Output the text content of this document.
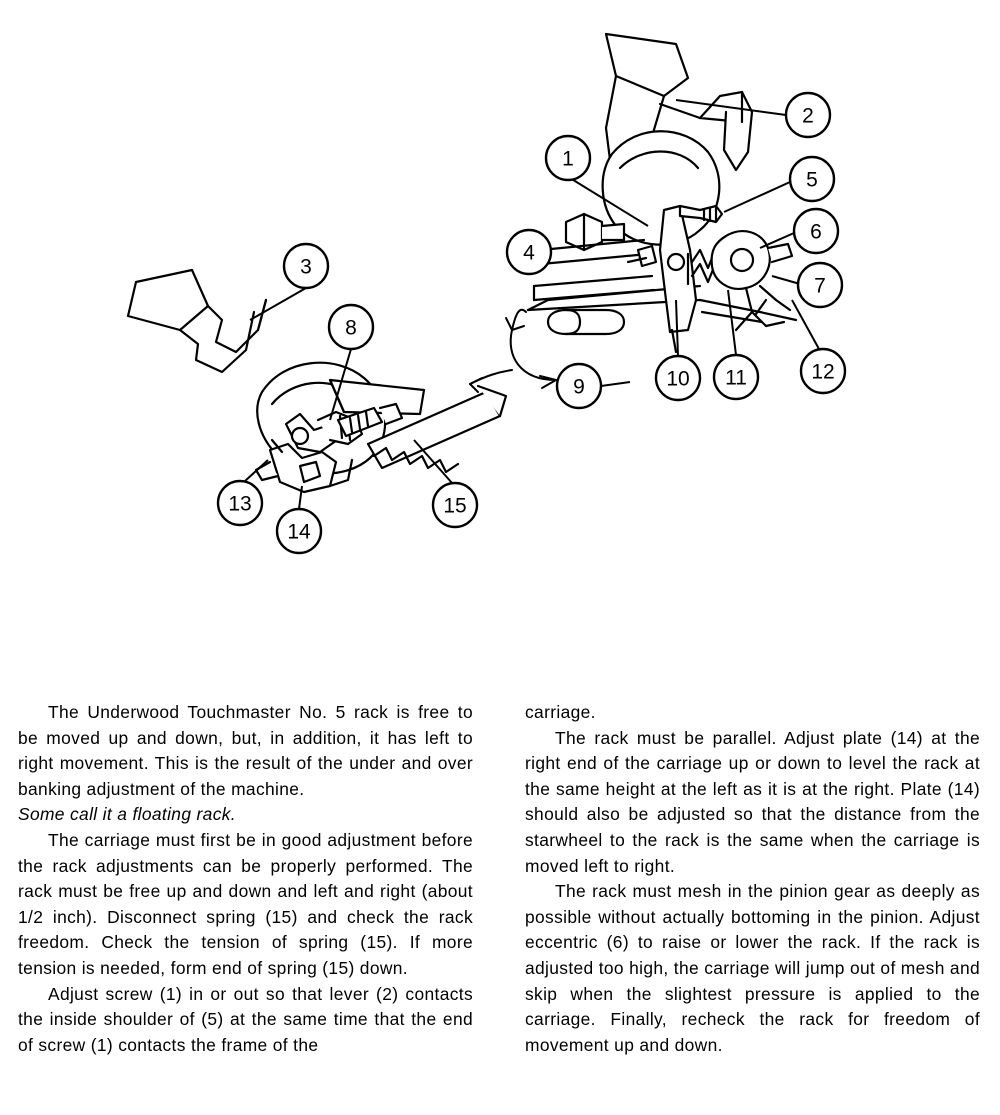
1
2
3
4
5
6
7
8
9	10 11	12
13
14
15

The Underwood Touchmaster No. 5 rack is free to be moved up and down, but, in addition, it has left to right movement. This is the result of the under and over banking adjustment of the machine.

Some call it a floating rack.

The carriage must first be in good adjustment before the rack adjustments can be properly performed. The rack must be free up and down and left and right (about 1/2 inch). Disconnect spring (15) and check the rack freedom. Check the tension of spring (15). If more tension is needed, form end of spring (15) down.

Adjust screw (1) in or out so that lever (2) contacts the inside shoulder of (5) at the same time that the end of screw (1) contacts the frame of the

carriage.

The rack must be parallel. Adjust plate (14) at the right end of the carriage up or down to level the rack at the same height at the left as it is at the right. Plate (14) should also be adjusted so that the distance from the starwheel to the rack is the same when the carriage is moved left to right.

The rack must mesh in the pinion gear as deeply as possible without actually bottoming in the pinion. Adjust eccentric (6) to raise or lower the rack. If the rack is adjusted too high, the carriage will jump out of mesh and skip when the slightest pressure is applied to the carriage. Finally, recheck the rack for freedom of movement up and down.
